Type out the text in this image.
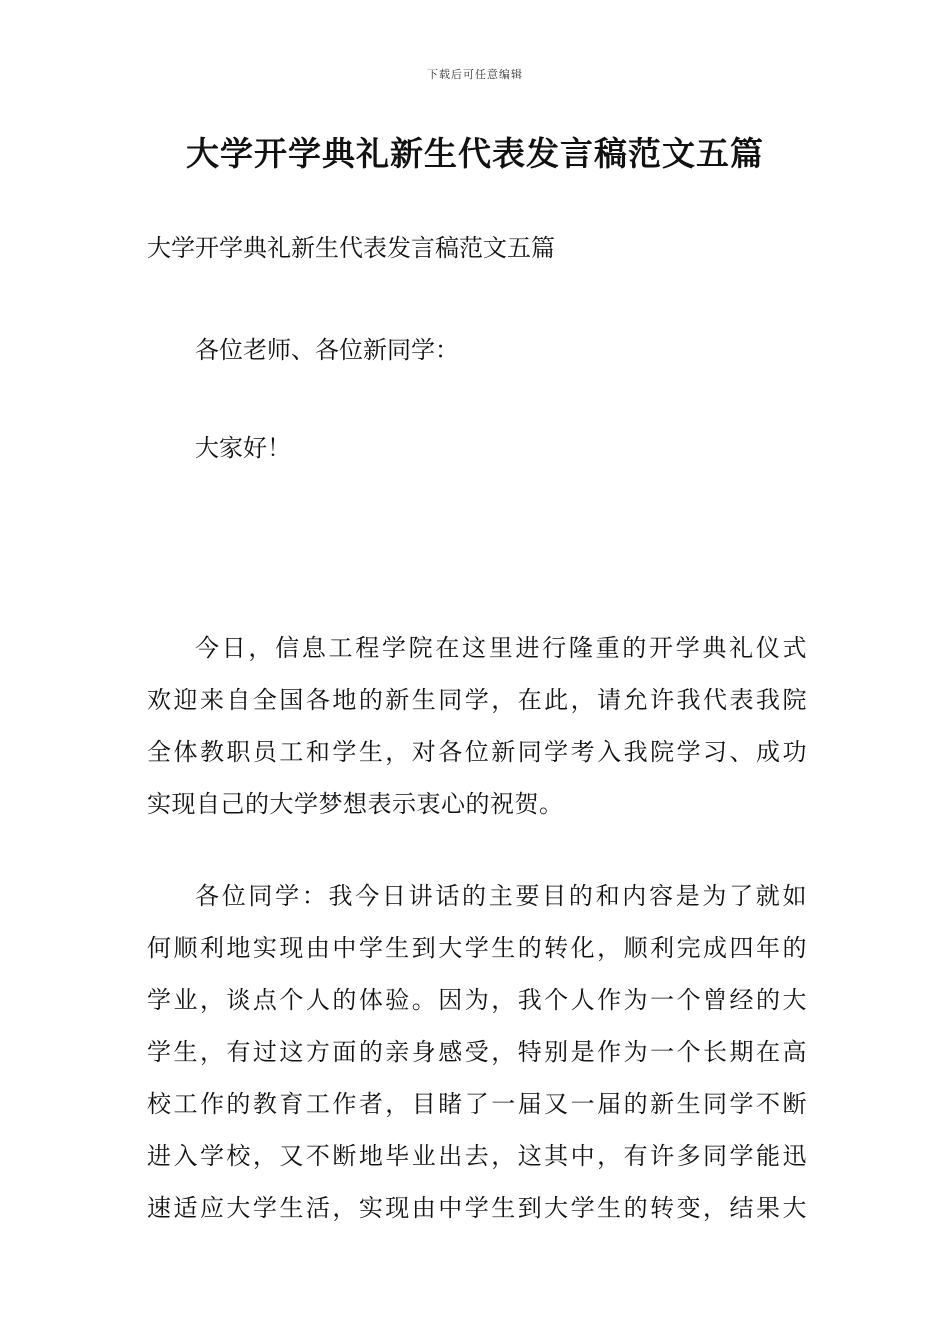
下载后可任意编辑
大学开学典礼新生代表发言稿范文五篇

大学开学典礼新生代表发言稿范文五篇

各位老师、各位新同学：

大家好！

今日，信息工程学院在这里进行隆重的开学典礼仪式
欢迎来自全国各地的新生同学，在此，请允许我代表我院
全体教职员工和学生，对各位新同学考入我院学习、成功
实现自己的大学梦想表示衷心的祝贺。
各位同学：我今日讲话的主要目的和内容是为了就如
何顺利地实现由中学生到大学生的转化，顺利完成四年的
学业，谈点个人的体验。因为，我个人作为一个曾经的大
学生，有过这方面的亲身感受，特别是作为一个长期在高
校工作的教育工作者，目睹了一届又一届的新生同学不断
进入学校，又不断地毕业出去，这其中，有许多同学能迅
速适应大学生活，实现由中学生到大学生的转变，结果大
